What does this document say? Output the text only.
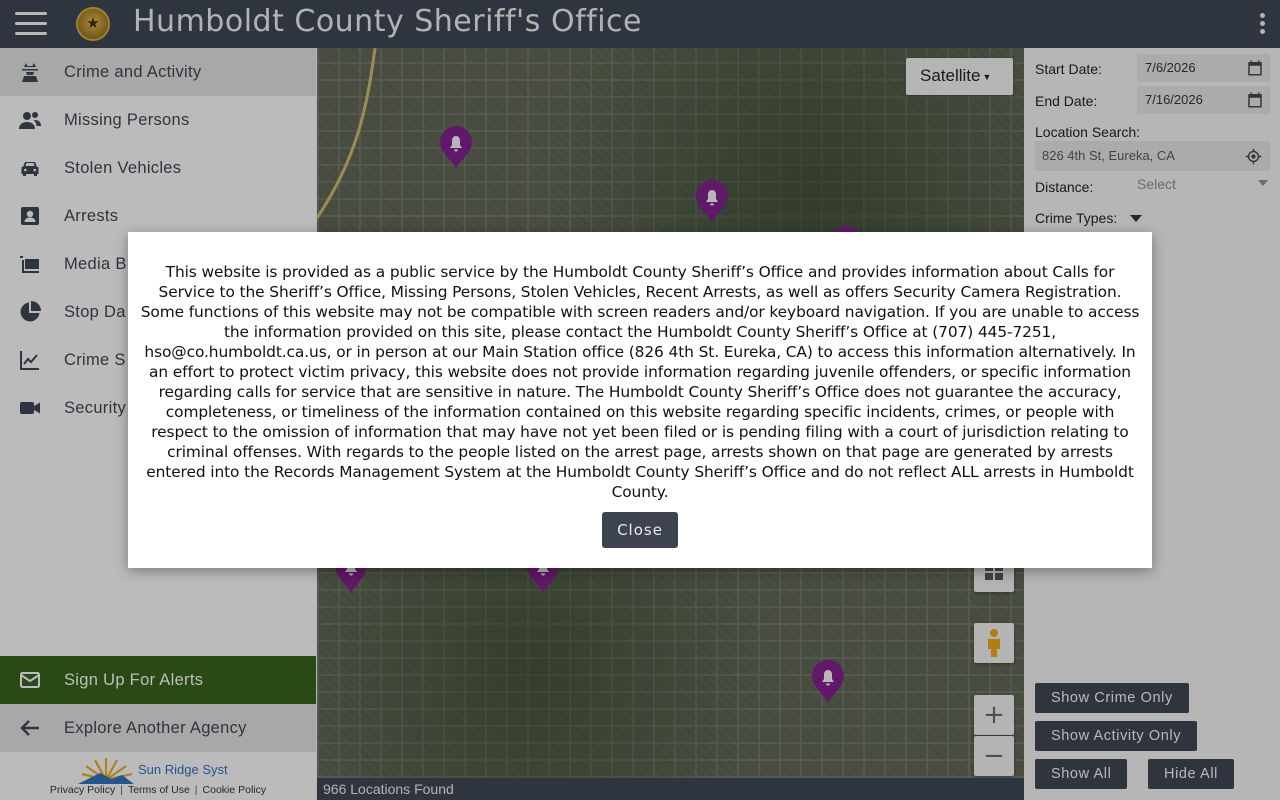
★
Humboldt County Sheriff's Office
Crime and Activity
Missing Persons
Stolen Vehicles
Arrests
Media B
Stop Da
Crime S
Security
Sign Up For Alerts
Explore Another Agency
Sun Ridge Syst
Privacy Policy | Terms of Use | Cookie Policy
Satellite ▼
+
−
966 Locations Found
Start Date:	7/6/2026
End Date:	7/16/2026
Location Search:
826 4th St, Eureka, CA
Distance:	Select
Crime Types:
Show Crime Only
Show Activity Only
Show All	Hide All
This website is provided as a public service by the Humboldt County Sheriff’s Office and provides information about Calls for Service to the Sheriff’s Office, Missing Persons, Stolen Vehicles, Recent Arrests, as well as offers Security Camera Registration. Some functions of this website may not be compatible with screen readers and/or keyboard navigation. If you are unable to access the information provided on this site, please contact the Humboldt County Sheriff’s Office at (707) 445-7251, hso@co.humboldt.ca.us, or in person at our Main Station office (826 4th St. Eureka, CA) to access this information alternatively. In an effort to protect victim privacy, this website does not provide information regarding juvenile offenders, or specific information regarding calls for service that are sensitive in nature. The Humboldt County Sheriff’s Office does not guarantee the accuracy, completeness, or timeliness of the information contained on this website regarding specific incidents, crimes, or people with respect to the omission of information that may have not yet been filed or is pending filing with a court of jurisdiction relating to criminal offenses. With regards to the people listed on the arrest page, arrests shown on that page are generated by arrests entered into the Records Management System at the Humboldt County Sheriff’s Office and do not reflect ALL arrests in Humboldt County.
Close
